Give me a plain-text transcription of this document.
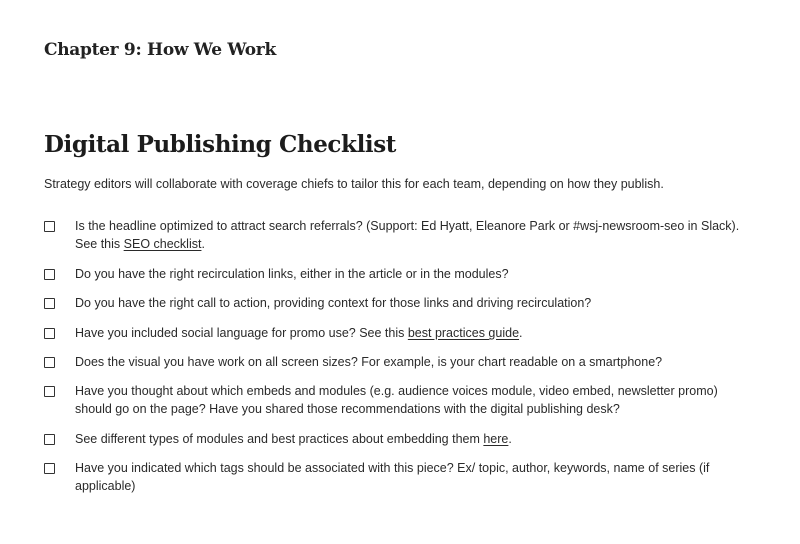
Chapter 9: How We Work
Digital Publishing Checklist
Strategy editors will collaborate with coverage chiefs to tailor this for each team, depending on how they publish.
Is the headline optimized to attract search referrals? (Support: Ed Hyatt, Eleanore Park or #wsj-newsroom-seo in Slack). See this SEO checklist.
Do you have the right recirculation links, either in the article or in the modules?
Do you have the right call to action, providing context for those links and driving recirculation?
Have you included social language for promo use? See this best practices guide.
Does the visual you have work on all screen sizes? For example, is your chart readable on a smartphone?
Have you thought about which embeds and modules (e.g. audience voices module, video embed, newsletter promo) should go on the page? Have you shared those recommendations with the digital publishing desk?
See different types of modules and best practices about embedding them here.
Have you indicated which tags should be associated with this piece? Ex/ topic, author, keywords, name of series (if applicable)
